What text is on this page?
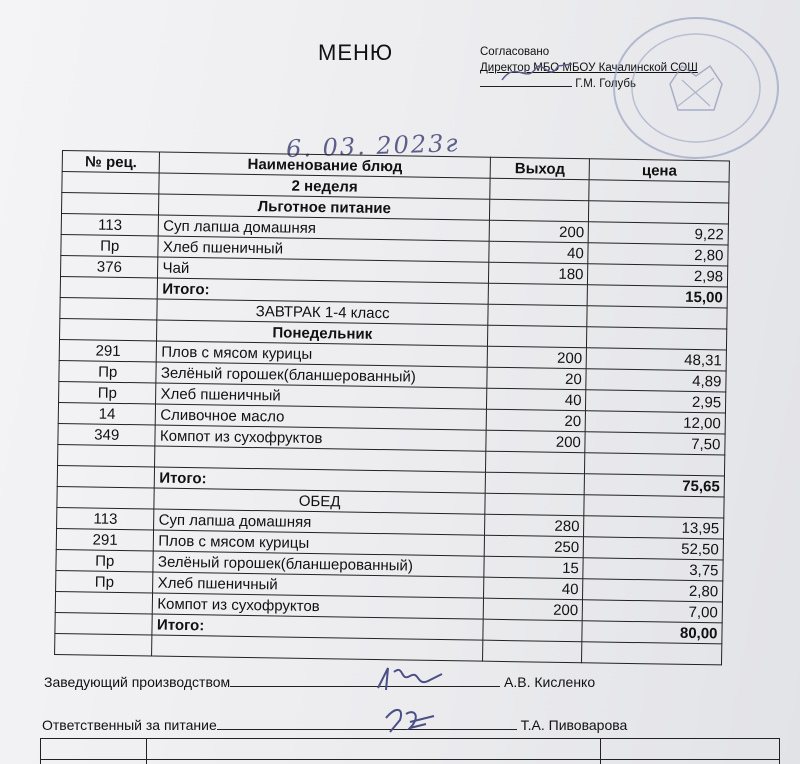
МЕНЮ	Согласовано
Директор МБО МБОУ Качалинской СОШ
Г.М. Голубь
6. 03. 2023г
№ рец.	Наименование блюд	Выход	цена
	2 неделя		
	Льготное питание		
113	Суп лапша домашняя	200	9,22
Пр	Хлеб пшеничный	40	2,80
376	Чай	180	2,98
	Итого:		15,00
	ЗАВТРАК 1-4 класс		
	Понедельник		
291	Плов с мясом курицы	200	48,31
Пр	Зелёный горошек(бланшерованный)	20	4,89
Пр	Хлеб пшеничный	40	2,95
14	Сливочное масло	20	12,00
349	Компот из сухофруктов	200	7,50

	Итого:		75,65
	ОБЕД		
113	Суп лапша домашняя	280	13,95
291	Плов с мясом курицы	250	52,50
Пр	Зелёный горошек(бланшерованный)	15	3,75
Пр	Хлеб пшеничный	40	2,80
	Компот из сухофруктов	200	7,00
	Итого:		80,00

Заведующий производством	А.В. Кисленко
Ответственный за питание	Т.А. Пивоварова
